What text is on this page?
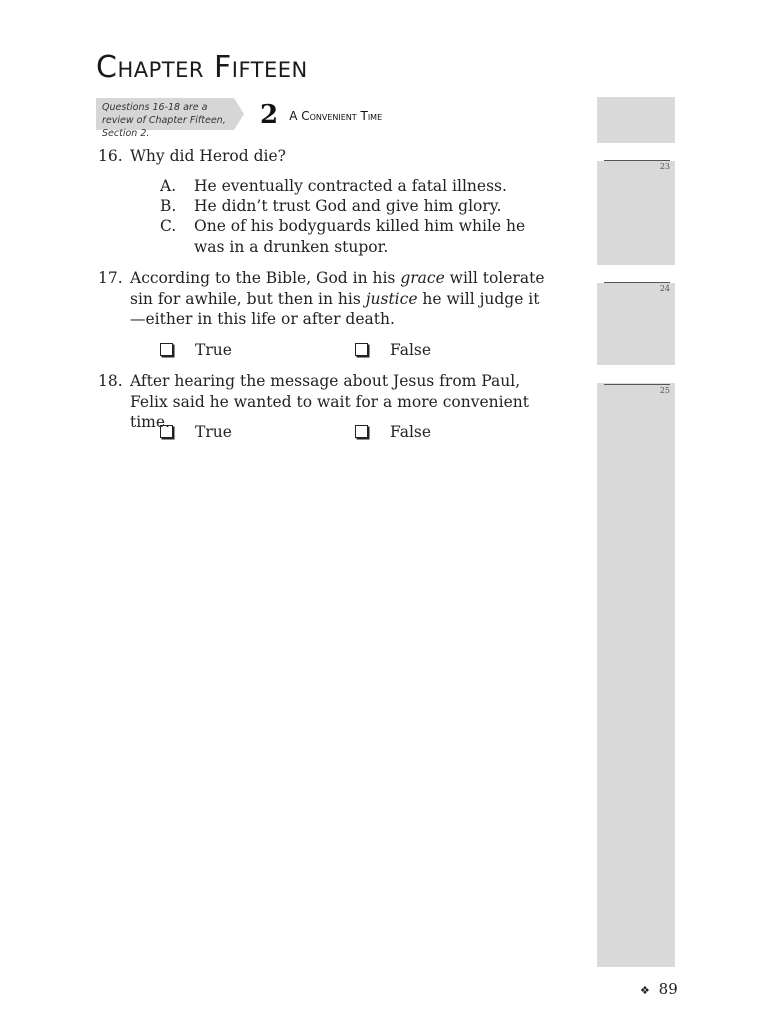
Chapter Fifteen
Questions 16-18 are a review of Chapter Fifteen, Section 2.
2 A Convenient Time
23
24
25
16. Why did Herod die?
A. He eventually contracted a fatal illness.
B. He didn’t trust God and give him glory.
C. One of his bodyguards killed him while he was in a drunken stupor.
17. According to the Bible, God in his grace will tolerate sin for awhile, but then in his justice he will judge it—either in this life or after death.
True	False
18. After hearing the message about Jesus from Paul, Felix said he wanted to wait for a more convenient time.
True	False
❖ 89
